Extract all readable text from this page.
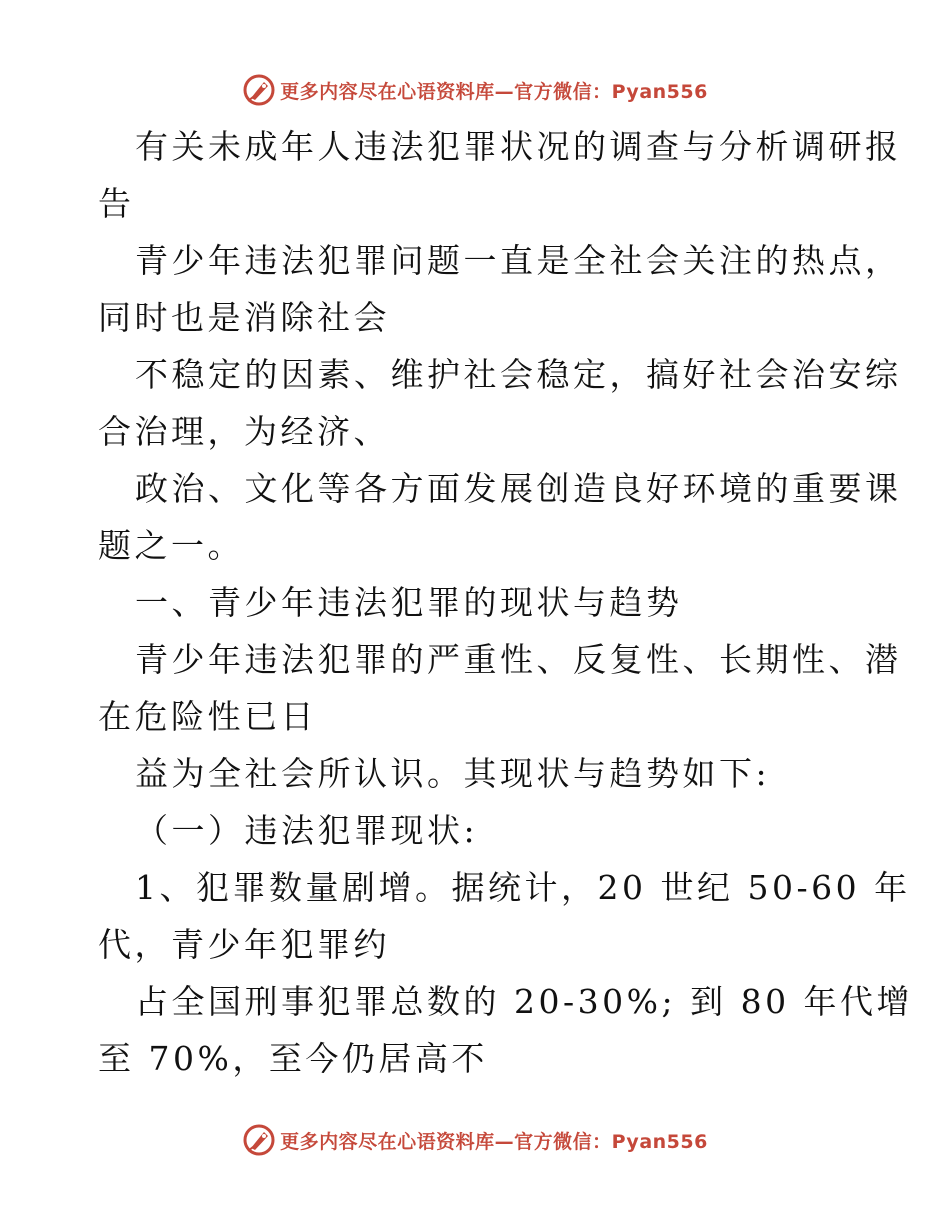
更多内容尽在心语资料库—官方微信：Pyan556

有关未成年人违法犯罪状况的调查与分析调研报
告

青少年违法犯罪问题一直是全社会关注的热点，
同时也是消除社会

不稳定的因素、维护社会稳定，搞好社会治安综
合治理，为经济、

政治、文化等各方面发展创造良好环境的重要课
题之一。

一、青少年违法犯罪的现状与趋势

青少年违法犯罪的严重性、反复性、长期性、潜
在危险性已日

益为全社会所认识。其现状与趋势如下:

（一）违法犯罪现状:

1、犯罪数量剧增。据统计，20 世纪 50-60 年
代，青少年犯罪约

占全国刑事犯罪总数的 20-30%; 到 80 年代增
至 70%，至今仍居高不

更多内容尽在心语资料库—官方微信：Pyan556
